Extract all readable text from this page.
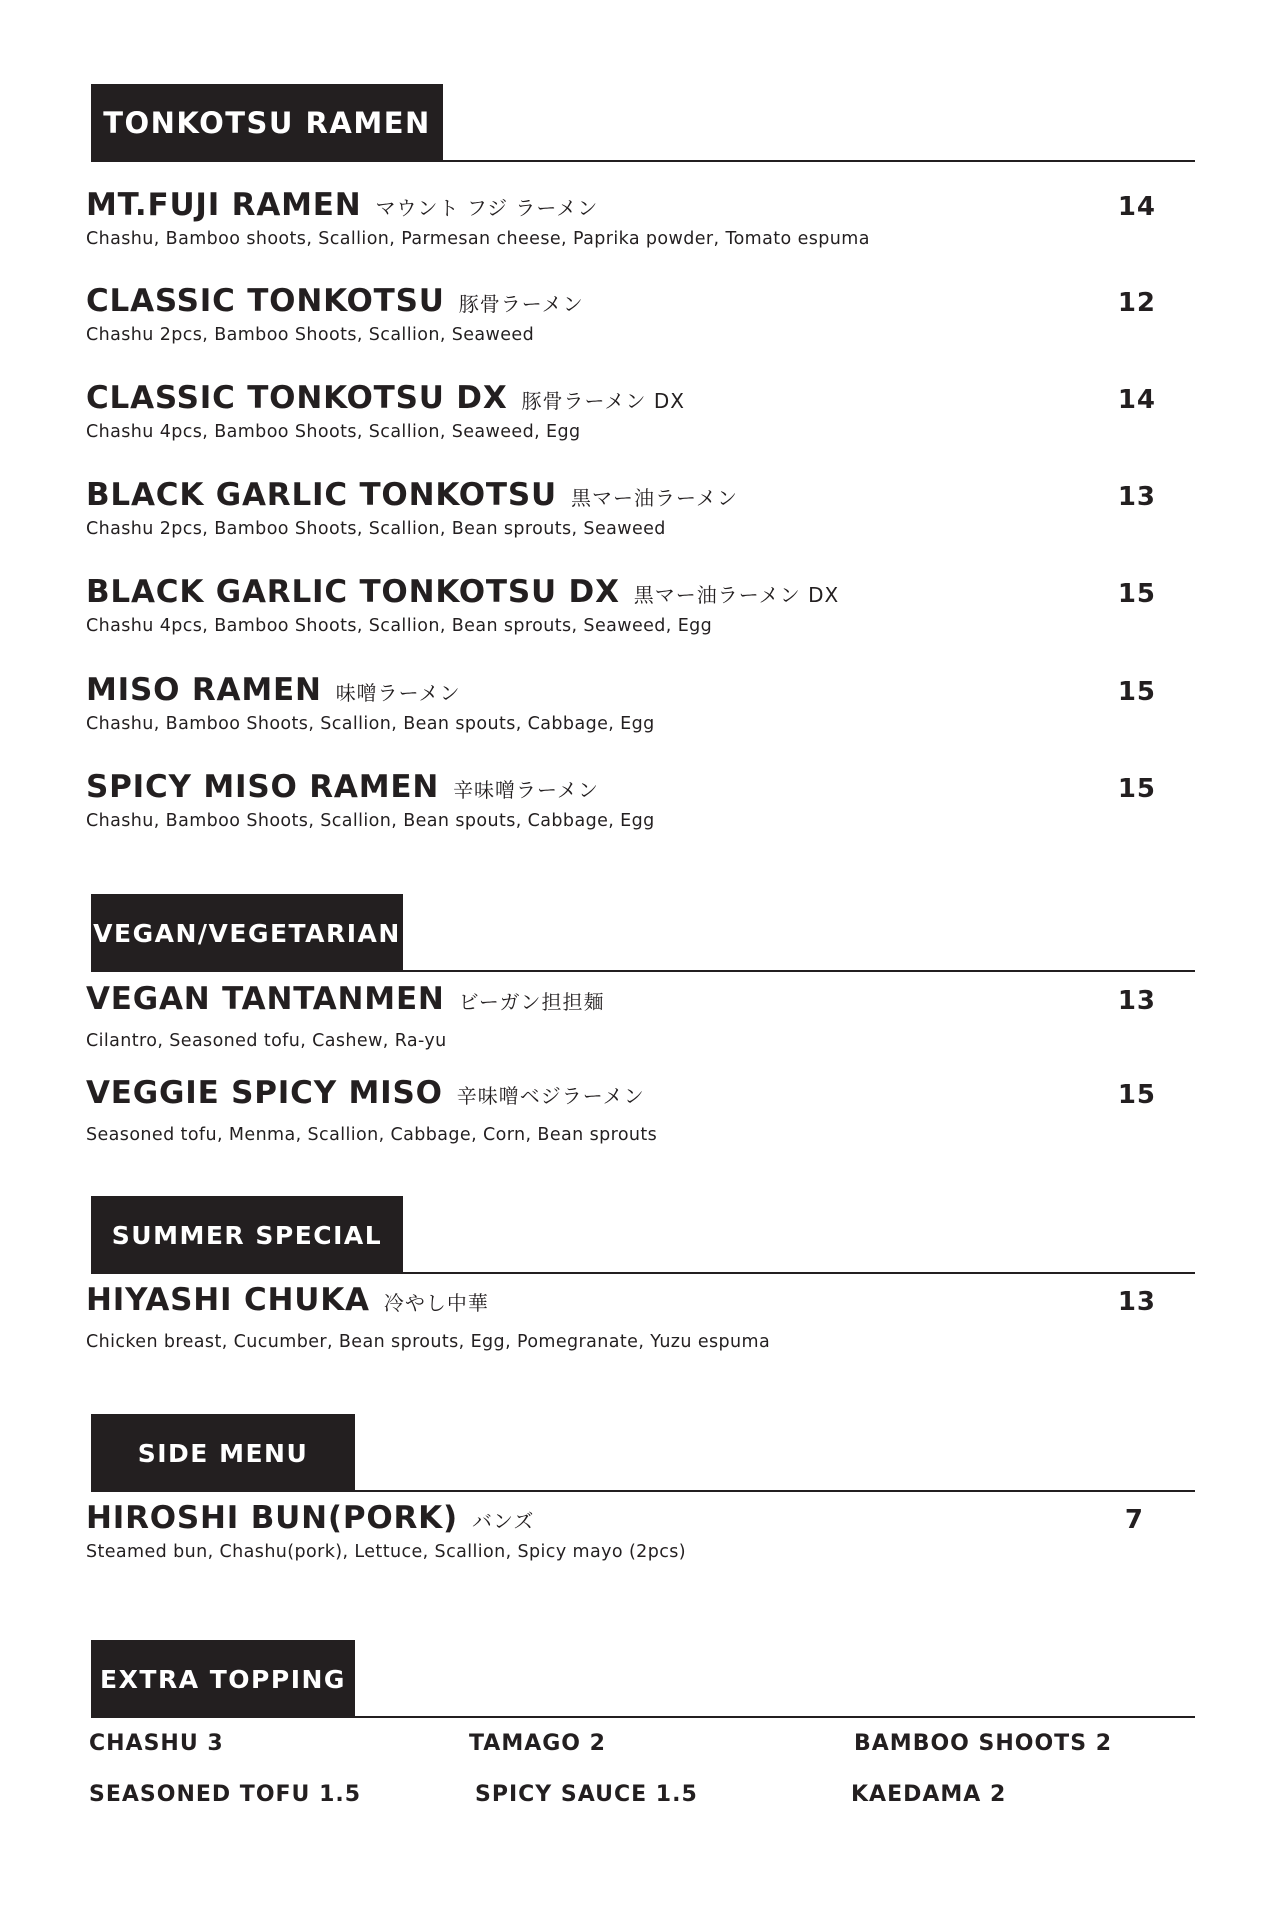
TONKOTSU RAMEN
MT.FUJI RAMEN マウント フジ ラーメン
Chashu, Bamboo shoots, Scallion, Parmesan cheese, Paprika powder, Tomato espuma
14
CLASSIC TONKOTSU 豚骨ラーメン
Chashu 2pcs, Bamboo Shoots, Scallion, Seaweed
12
CLASSIC TONKOTSU DX 豚骨ラーメン DX
Chashu 4pcs, Bamboo Shoots, Scallion, Seaweed, Egg
14
BLACK GARLIC TONKOTSU 黒マー油ラーメン
Chashu 2pcs, Bamboo Shoots, Scallion, Bean sprouts, Seaweed
13
BLACK GARLIC TONKOTSU DX 黒マー油ラーメン DX
Chashu 4pcs, Bamboo Shoots, Scallion, Bean sprouts, Seaweed, Egg
15
MISO RAMEN 味噌ラーメン
Chashu, Bamboo Shoots, Scallion, Bean spouts, Cabbage, Egg
15
SPICY MISO RAMEN 辛味噌ラーメン
Chashu, Bamboo Shoots, Scallion, Bean spouts, Cabbage, Egg
15
VEGAN/VEGETARIAN
VEGAN TANTANMEN ビーガン担担麺
Cilantro, Seasoned tofu, Cashew, Ra-yu
13
VEGGIE SPICY MISO 辛味噌ベジラーメン
Seasoned tofu, Menma, Scallion, Cabbage, Corn, Bean sprouts
15
SUMMER SPECIAL
HIYASHI CHUKA 冷やし中華
Chicken breast, Cucumber, Bean sprouts, Egg, Pomegranate, Yuzu espuma
13
SIDE MENU
HIROSHI BUN(PORK) バンズ
Steamed bun, Chashu(pork), Lettuce, Scallion, Spicy mayo (2pcs)
7
EXTRA TOPPING
CHASHU 3	TAMAGO 2	BAMBOO SHOOTS 2
SEASONED TOFU 1.5	SPICY SAUCE 1.5	KAEDAMA 2
